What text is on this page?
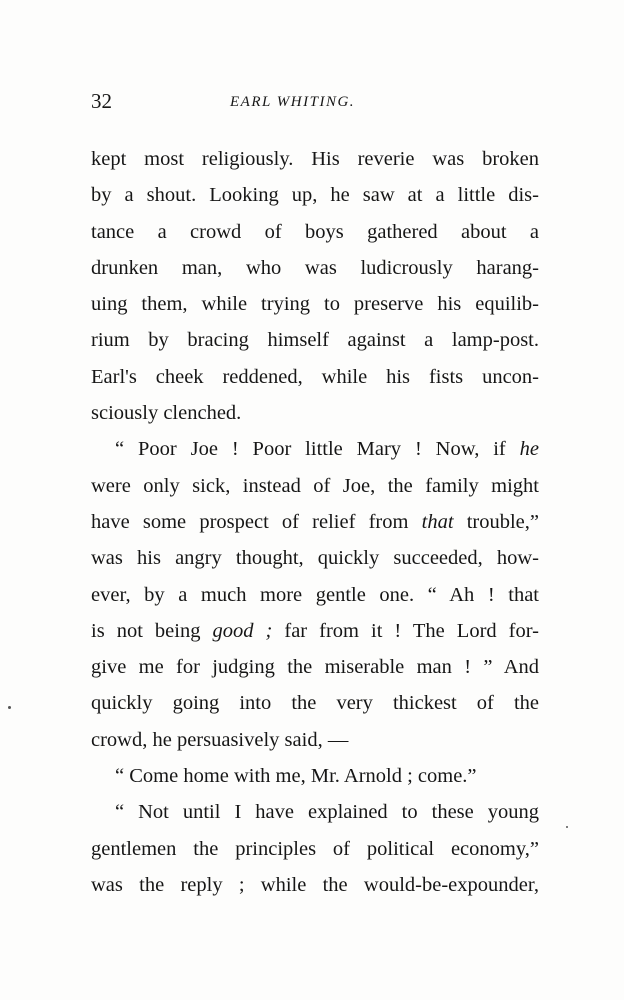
32	EARL WHITING.
kept most religiously. His reverie was broken
by a shout. Looking up, he saw at a little dis-
tance a crowd of boys gathered about a
drunken man, who was ludicrously harang-
uing them, while trying to preserve his equilib-
rium by bracing himself against a lamp-post.
Earl's cheek reddened, while his fists uncon-
sciously clenched.
“ Poor Joe ! Poor little Mary ! Now, if he
were only sick, instead of Joe, the family might
have some prospect of relief from that trouble,”
was his angry thought, quickly succeeded, how-
ever, by a much more gentle one. “ Ah ! that
is not being good ; far from it ! The Lord for-
give me for judging the miserable man ! ” And
quickly going into the very thickest of the
crowd, he persuasively said, —
“ Come home with me, Mr. Arnold ; come.”
“ Not until I have explained to these young
gentlemen the principles of political economy,”
was the reply ; while the would-be-expounder,
